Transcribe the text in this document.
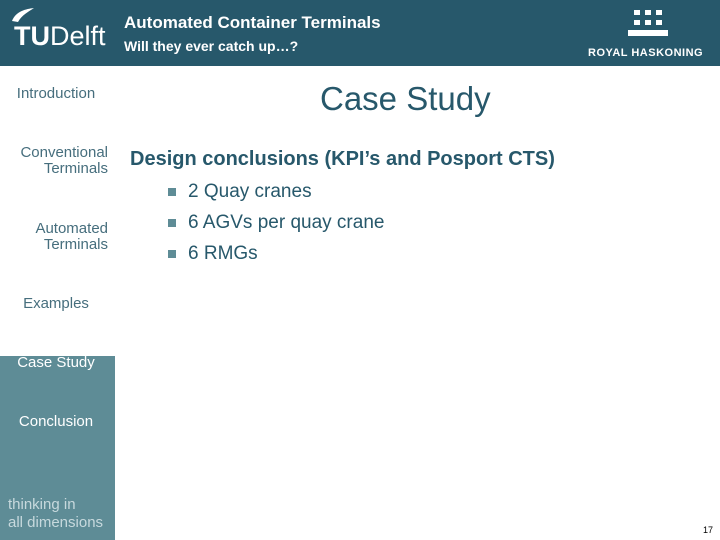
TUDelft Automated Container Terminals
Will they ever catch up…?	ROYAL HASKONING
Introduction
Conventional
Terminals
Automated
Terminals
Examples
Case Study
Conclusion
thinking in
all dimensions
Case Study
Design conclusions (KPI’s and Posport CTS)
2 Quay cranes
6 AGVs per quay crane
6 RMGs
17
